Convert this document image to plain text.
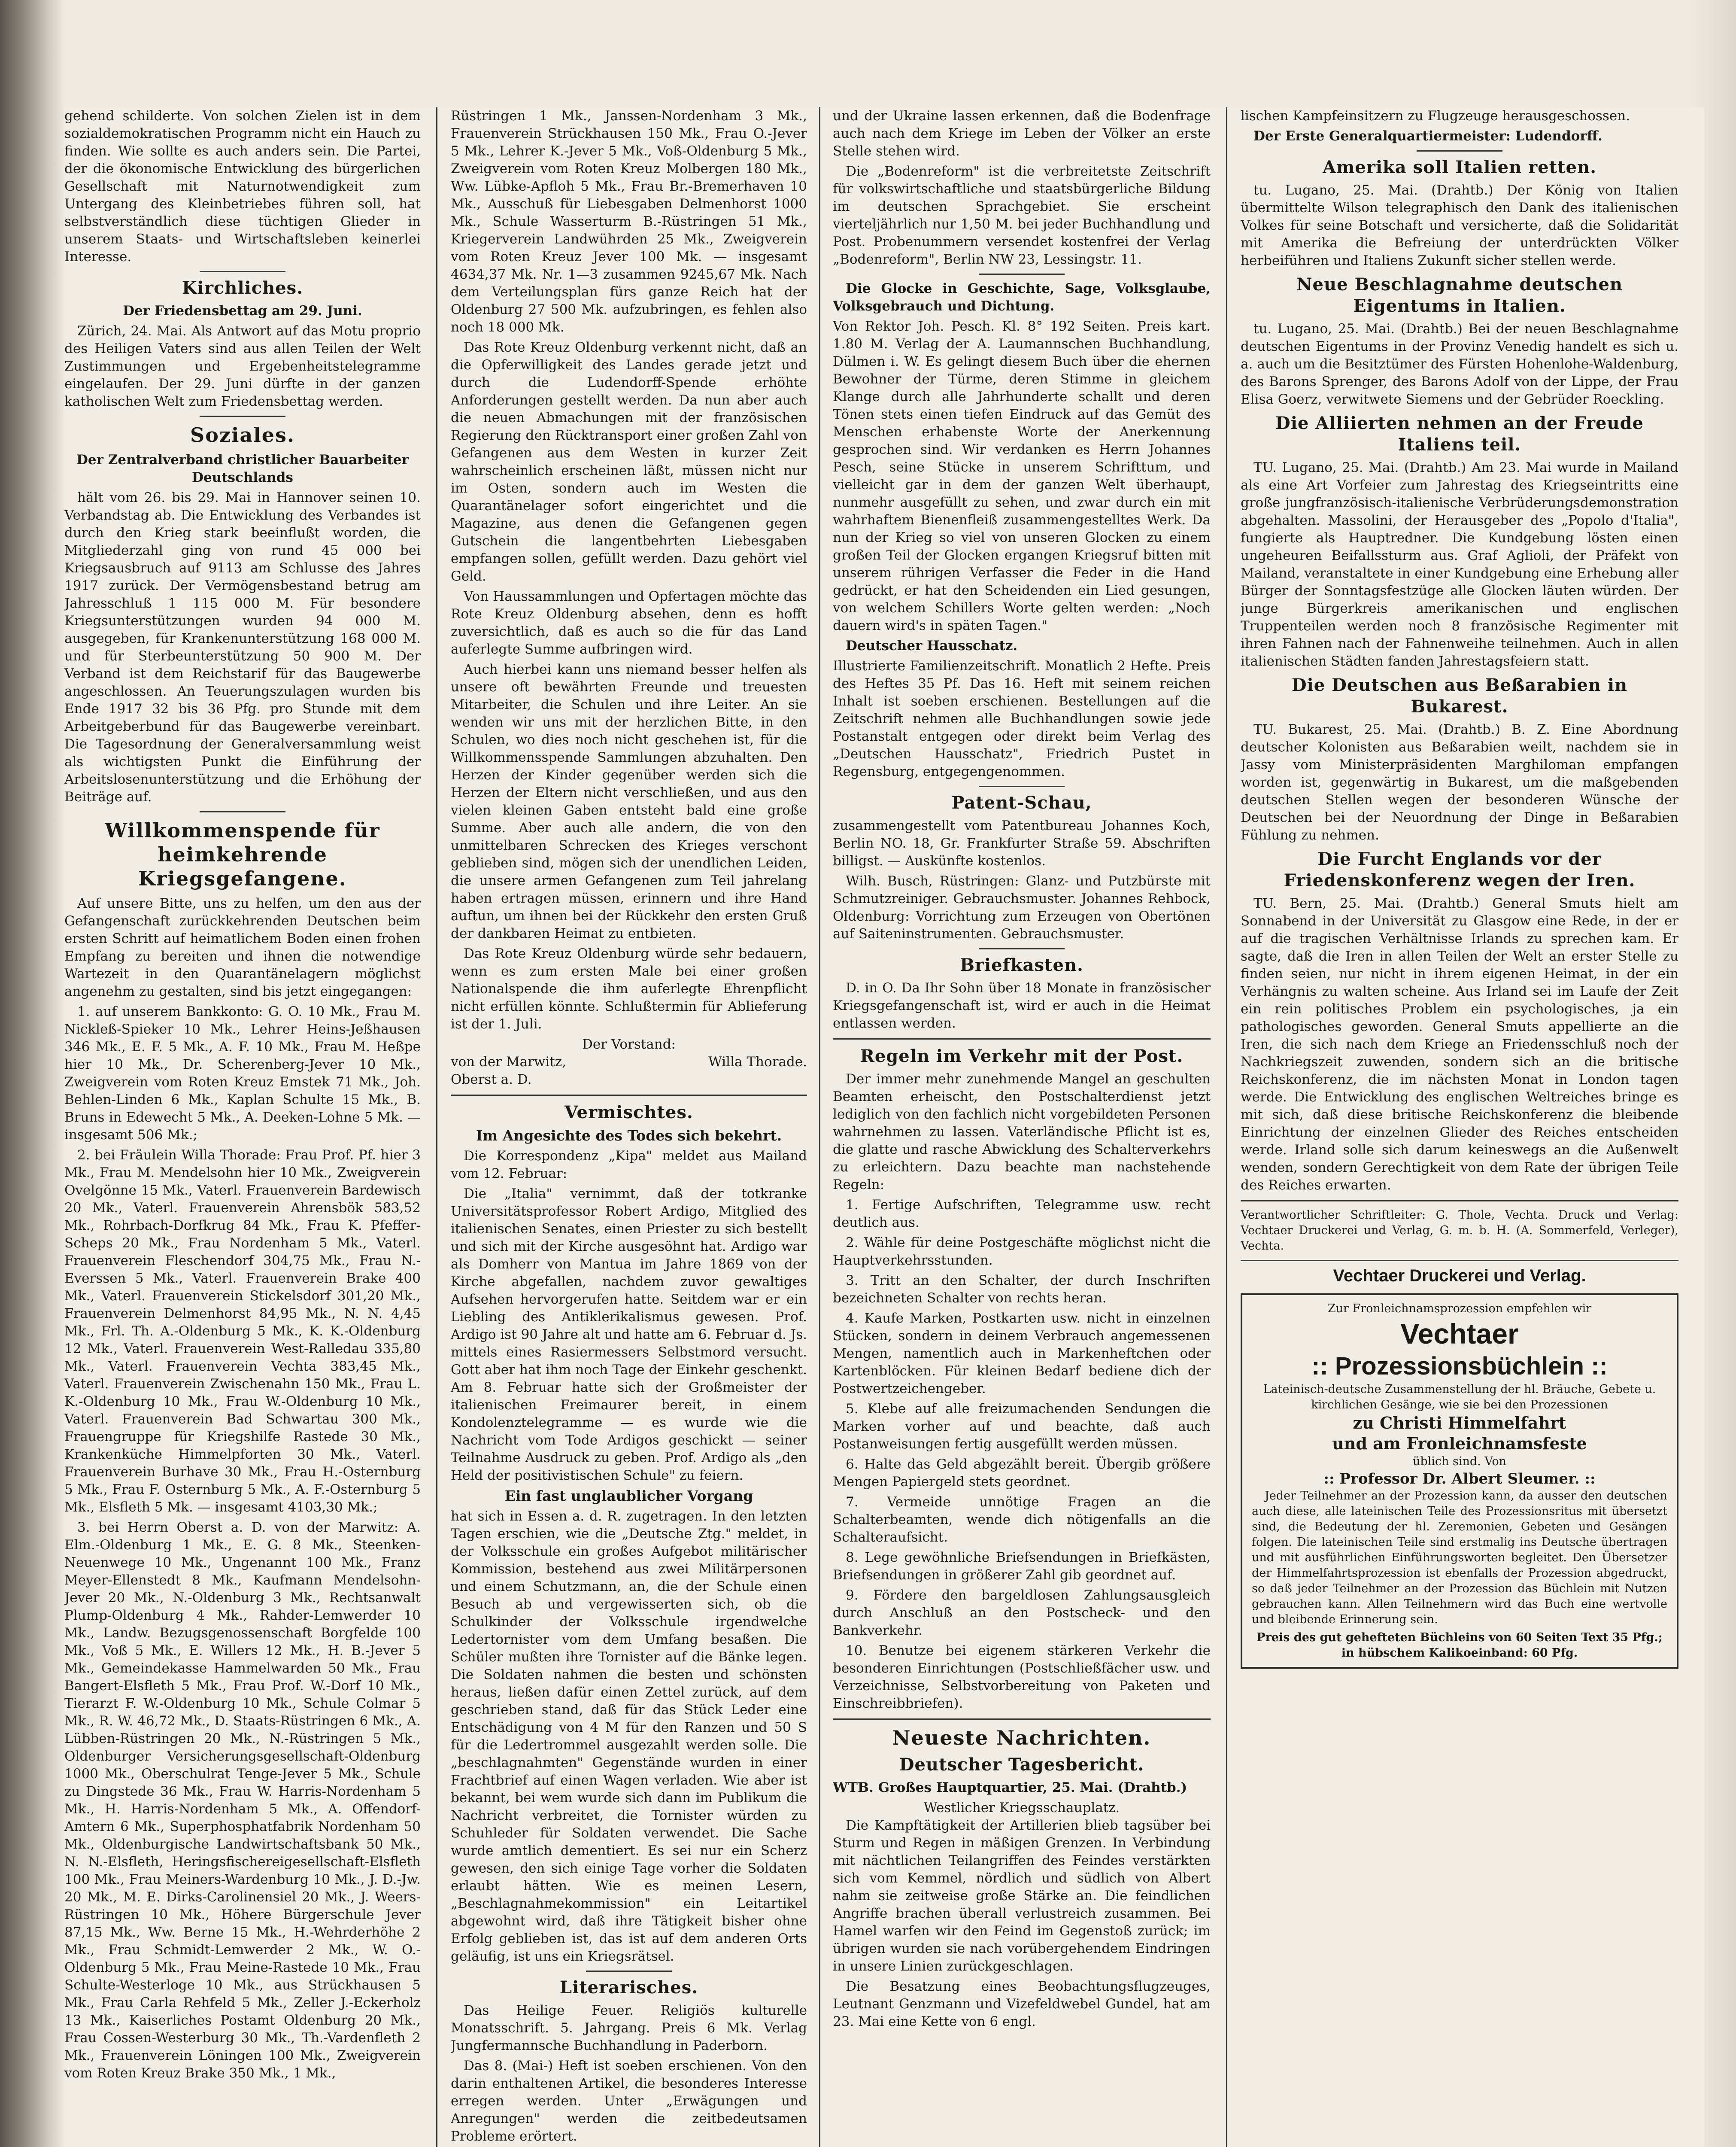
gehend schilderte. Von solchen Zielen ist in dem sozialdemokratischen Programm nicht ein Hauch zu finden. Wie sollte es auch anders sein. Die Partei, der die ökonomische Entwicklung des bürgerlichen Gesellschaft mit Naturnotwendigkeit zum Untergang des Kleinbetriebes führen soll, hat selbstverständlich diese tüchtigen Glieder in unserem Staats- und Wirtschaftsleben keinerlei Interesse.

Kirchliches.
Der Friedensbettag am 29. Juni.

Zürich, 24. Mai. Als Antwort auf das Motu proprio des Heiligen Vaters sind aus allen Teilen der Welt Zustimmungen und Ergebenheitstelegramme eingelaufen. Der 29. Juni dürfte in der ganzen katholischen Welt zum Friedensbettag werden.

Soziales.
Der Zentralverband christlicher Bauarbeiter Deutschlands

hält vom 26. bis 29. Mai in Hannover seinen 10. Verbandstag ab. Die Entwicklung des Verbandes ist durch den Krieg stark beeinflußt worden, die Mitgliederzahl ging von rund 45 000 bei Kriegsausbruch auf 9113 am Schlusse des Jahres 1917 zurück. Der Vermögensbestand betrug am Jahresschluß 1 115 000 M. Für besondere Kriegsunterstützungen wurden 94 000 M. ausgegeben, für Krankenunterstützung 168 000 M. und für Sterbeunterstützung 50 900 M. Der Verband ist dem Reichstarif für das Baugewerbe angeschlossen. An Teuerungszulagen wurden bis Ende 1917 32 bis 36 Pfg. pro Stunde mit dem Arbeitgeberbund für das Baugewerbe vereinbart. Die Tagesordnung der Generalversammlung weist als wichtigsten Punkt die Einführung der Arbeitslosenunterstützung und die Erhöhung der Beiträge auf.

Willkommenspende für heimkehrende Kriegsgefangene.

Auf unsere Bitte, uns zu helfen, um den aus der Gefangenschaft zurückkehrenden Deutschen beim ersten Schritt auf heimatlichem Boden einen frohen Empfang zu bereiten und ihnen die notwendige Wartezeit in den Quarantänelagern möglichst angenehm zu gestalten, sind bis jetzt eingegangen:

1. auf unserem Bankkonto: G. O. 10 Mk., Frau M. Nickleß-Spieker 10 Mk., Lehrer Heins-Jeßhausen 346 Mk., E. F. 5 Mk., A. F. 10 Mk., Frau M. Heßpe hier 10 Mk., Dr. Scherenberg-Jever 10 Mk., Zweigverein vom Roten Kreuz Emstek 71 Mk., Joh. Behlen-Linden 6 Mk., Kaplan Schulte 15 Mk., B. Bruns in Edewecht 5 Mk., A. Deeken-Lohne 5 Mk. — insgesamt 506 Mk.;

2. bei Fräulein Willa Thorade: Frau Prof. Pf. hier 3 Mk., Frau M. Mendelsohn hier 10 Mk., Zweigverein Ovelgönne 15 Mk., Vaterl. Frauenverein Bardewisch 20 Mk., Vaterl. Frauenverein Ahrensbök 583,52 Mk., Rohrbach-Dorfkrug 84 Mk., Frau K. Pfeffer-Scheps 20 Mk., Frau Nordenham 5 Mk., Vaterl. Frauenverein Fleschendorf 304,75 Mk., Frau N.-Everssen 5 Mk., Vaterl. Frauenverein Brake 400 Mk., Vaterl. Frauenverein Stickelsdorf 301,20 Mk., Frauenverein Delmenhorst 84,95 Mk., N. N. 4,45 Mk., Frl. Th. A.-Oldenburg 5 Mk., K. K.-Oldenburg 12 Mk., Vaterl. Frauenverein West-Ralledau 335,80 Mk., Vaterl. Frauenverein Vechta 383,45 Mk., Vaterl. Frauenverein Zwischenahn 150 Mk., Frau L. K.-Oldenburg 10 Mk., Frau W.-Oldenburg 10 Mk., Vaterl. Frauenverein Bad Schwartau 300 Mk., Frauengruppe für Kriegshilfe Rastede 30 Mk., Krankenküche Himmelpforten 30 Mk., Vaterl. Frauenverein Burhave 30 Mk., Frau H.-Osternburg 5 Mk., Frau F. Osternburg 5 Mk., A. F.-Osternburg 5 Mk., Elsfleth 5 Mk. — insgesamt 4103,30 Mk.;

3. bei Herrn Oberst a. D. von der Marwitz: A. Elm.-Oldenburg 1 Mk., E. G. 8 Mk., Steenken-Neuenwege 10 Mk., Ungenannt 100 Mk., Franz Meyer-Ellenstedt 8 Mk., Kaufmann Mendelsohn-Jever 20 Mk., N.-Oldenburg 3 Mk., Rechtsanwalt Plump-Oldenburg 4 Mk., Rahder-Lemwerder 10 Mk., Landw. Bezugsgenossenschaft Borgfelde 100 Mk., Voß 5 Mk., E. Willers 12 Mk., H. B.-Jever 5 Mk., Gemeindekasse Hammelwarden 50 Mk., Frau Bangert-Elsfleth 5 Mk., Frau Prof. W.-Dorf 10 Mk., Tierarzt F. W.-Oldenburg 10 Mk., Schule Colmar 5 Mk., R. W. 46,72 Mk., D. Staats-Rüstringen 6 Mk., A. Lübben-Rüstringen 20 Mk., N.-Rüstringen 5 Mk., Oldenburger Versicherungsgesellschaft-Oldenburg 1000 Mk., Oberschulrat Tenge-Jever 5 Mk., Schule zu Dingstede 36 Mk., Frau W. Harris-Nordenham 5 Mk., H. Harris-Nordenham 5 Mk., A. Offendorf-Amtern 6 Mk., Superphosphatfabrik Nordenham 50 Mk., Oldenburgische Landwirtschaftsbank 50 Mk., N. N.-Elsfleth, Heringsfischereigesellschaft-Elsfleth 100 Mk., Frau Meiners-Wardenburg 10 Mk., J. D.-Jw. 20 Mk., M. E. Dirks-Carolinensiel 20 Mk., J. Weers-Rüstringen 10 Mk., Höhere Bürgerschule Jever 87,15 Mk., Ww. Berne 15 Mk., H.-Wehrderhöhe 2 Mk., Frau Schmidt-Lemwerder 2 Mk., W. O.-Oldenburg 5 Mk., Frau Meine-Rastede 10 Mk., Frau Schulte-Westerloge 10 Mk., aus Strückhausen 5 Mk., Frau Carla Rehfeld 5 Mk., Zeller J.-Eckerholz 13 Mk., Kaiserliches Postamt Oldenburg 20 Mk., Frau Cossen-Westerburg 30 Mk., Th.-Vardenfleth 2 Mk., Frauenverein Löningen 100 Mk., Zweigverein vom Roten Kreuz Brake 350 Mk., 1 Mk.,

Rüstringen 1 Mk., Janssen-Nordenham 3 Mk., Frauenverein Strückhausen 150 Mk., Frau O.-Jever 5 Mk., Lehrer K.-Jever 5 Mk., Voß-Oldenburg 5 Mk., Zweigverein vom Roten Kreuz Molbergen 180 Mk., Ww. Lübke-Apfloh 5 Mk., Frau Br.-Bremerhaven 10 Mk., Ausschuß für Liebesgaben Delmenhorst 1000 Mk., Schule Wasserturm B.-Rüstringen 51 Mk., Kriegerverein Landwührden 25 Mk., Zweigverein vom Roten Kreuz Jever 100 Mk. — insgesamt 4634,37 Mk. Nr. 1—3 zusammen 9245,67 Mk. Nach dem Verteilungsplan fürs ganze Reich hat der Oldenburg 27 500 Mk. aufzubringen, es fehlen also noch 18 000 Mk.

Das Rote Kreuz Oldenburg verkennt nicht, daß an die Opferwilligkeit des Landes gerade jetzt und durch die Ludendorff-Spende erhöhte Anforderungen gestellt werden. Da nun aber auch die neuen Abmachungen mit der französischen Regierung den Rücktransport einer großen Zahl von Gefangenen aus dem Westen in kurzer Zeit wahrscheinlich erscheinen läßt, müssen nicht nur im Osten, sondern auch im Westen die Quarantänelager sofort eingerichtet und die Magazine, aus denen die Gefangenen gegen Gutschein die langentbehrten Liebesgaben empfangen sollen, gefüllt werden. Dazu gehört viel Geld.

Von Haussammlungen und Opfertagen möchte das Rote Kreuz Oldenburg absehen, denn es hofft zuversichtlich, daß es auch so die für das Land auferlegte Summe aufbringen wird.

Auch hierbei kann uns niemand besser helfen als unsere oft bewährten Freunde und treuesten Mitarbeiter, die Schulen und ihre Leiter. An sie wenden wir uns mit der herzlichen Bitte, in den Schulen, wo dies noch nicht geschehen ist, für die Willkommensspende Sammlungen abzuhalten. Den Herzen der Kinder gegenüber werden sich die Herzen der Eltern nicht verschließen, und aus den vielen kleinen Gaben entsteht bald eine große Summe. Aber auch alle andern, die von den unmittelbaren Schrecken des Krieges verschont geblieben sind, mögen sich der unendlichen Leiden, die unsere armen Gefangenen zum Teil jahrelang haben ertragen müssen, erinnern und ihre Hand auftun, um ihnen bei der Rückkehr den ersten Gruß der dankbaren Heimat zu entbieten.

Das Rote Kreuz Oldenburg würde sehr bedauern, wenn es zum ersten Male bei einer großen Nationalspende die ihm auferlegte Ehrenpflicht nicht erfüllen könnte. Schlußtermin für Ablieferung ist der 1. Juli.

Der Vorstand:
von der Marwitz,	Willa Thorade.
Oberst a. D.
Vermischtes.
Im Angesichte des Todes sich bekehrt.

Die Korrespondenz „Kipa" meldet aus Mailand vom 12. Februar:

Die „Italia" vernimmt, daß der totkranke Universitätsprofessor Robert Ardigo, Mitglied des italienischen Senates, einen Priester zu sich bestellt und sich mit der Kirche ausgesöhnt hat. Ardigo war als Domherr von Mantua im Jahre 1869 von der Kirche abgefallen, nachdem zuvor gewaltiges Aufsehen hervorgerufen hatte. Seitdem war er ein Liebling des Antiklerikalismus gewesen. Prof. Ardigo ist 90 Jahre alt und hatte am 6. Februar d. Js. mittels eines Rasiermessers Selbstmord versucht. Gott aber hat ihm noch Tage der Einkehr geschenkt. Am 8. Februar hatte sich der Großmeister der italienischen Freimaurer bereit, in einem Kondolenztelegramme — es wurde wie die Nachricht vom Tode Ardigos geschickt — seiner Teilnahme Ausdruck zu geben. Prof. Ardigo als „den Held der positivistischen Schule" zu feiern.

Ein fast unglaublicher Vorgang

hat sich in Essen a. d. R. zugetragen. In den letzten Tagen erschien, wie die „Deutsche Ztg." meldet, in der Volksschule ein großes Aufgebot militärischer Kommission, bestehend aus zwei Militärpersonen und einem Schutzmann, an, die der Schule einen Besuch ab und vergewisserten sich, ob die Schulkinder der Volksschule irgendwelche Ledertornister vom dem Umfang besaßen. Die Schüler mußten ihre Tornister auf die Bänke legen. Die Soldaten nahmen die besten und schönsten heraus, ließen dafür einen Zettel zurück, auf dem geschrieben stand, daß für das Stück Leder eine Entschädigung von 4 M für den Ranzen und 50 S für die Ledertrommel ausgezahlt werden solle. Die „beschlagnahmten" Gegenstände wurden in einer Frachtbrief auf einen Wagen verladen. Wie aber ist bekannt, bei wem wurde sich dann im Publikum die Nachricht verbreitet, die Tornister würden zu Schuhleder für Soldaten verwendet. Die Sache wurde amtlich dementiert. Es sei nur ein Scherz gewesen, den sich einige Tage vorher die Soldaten erlaubt hätten. Wie es meinen Lesern, „Beschlagnahmekommission" ein Leitartikel abgewohnt wird, daß ihre Tätigkeit bisher ohne Erfolg geblieben ist, das ist auf dem anderen Orts geläufig, ist uns ein Kriegsrätsel.

Literarisches.

Das Heilige Feuer. Religiös kulturelle Monatsschrift. 5. Jahrgang. Preis 6 Mk. Verlag Jungfermannsche Buchhandlung in Paderborn.

Das 8. (Mai-) Heft ist soeben erschienen. Von den darin enthaltenen Artikel, die besonderes Interesse erregen werden. Unter „Erwägungen und Anregungen" werden die zeitbedeutsamen Probleme erörtert.

und der Ukraine lassen erkennen, daß die Bodenfrage auch nach dem Kriege im Leben der Völker an erste Stelle stehen wird.

Die „Bodenreform" ist die verbreitetste Zeitschrift für volkswirtschaftliche und staatsbürgerliche Bildung im deutschen Sprachgebiet. Sie erscheint vierteljährlich nur 1,50 M. bei jeder Buchhandlung und Post. Probenummern versendet kostenfrei der Verlag „Bodenreform", Berlin NW 23, Lessingstr. 11.

Die Glocke in Geschichte, Sage, Volksglaube, Volksgebrauch und Dichtung.

Von Rektor Joh. Pesch. Kl. 8° 192 Seiten. Preis kart. 1.80 M. Verlag der A. Laumannschen Buchhandlung, Dülmen i. W. Es gelingt diesem Buch über die ehernen Bewohner der Türme, deren Stimme in gleichem Klange durch alle Jahrhunderte schallt und deren Tönen stets einen tiefen Eindruck auf das Gemüt des Menschen erhabenste Worte der Anerkennung gesprochen sind. Wir verdanken es Herrn Johannes Pesch, seine Stücke in unserem Schrifttum, und vielleicht gar in dem der ganzen Welt überhaupt, nunmehr ausgefüllt zu sehen, und zwar durch ein mit wahrhaftem Bienenfleiß zusammengestelltes Werk. Da nun der Krieg so viel von unseren Glocken zu einem großen Teil der Glocken ergangen Kriegsruf bitten mit unserem rührigen Verfasser die Feder in die Hand gedrückt, er hat den Scheidenden ein Lied gesungen, von welchem Schillers Worte gelten werden: „Noch dauern wird's in späten Tagen."

Deutscher Hausschatz.

Illustrierte Familienzeitschrift. Monatlich 2 Hefte. Preis des Heftes 35 Pf. Das 16. Heft mit seinem reichen Inhalt ist soeben erschienen. Bestellungen auf die Zeitschrift nehmen alle Buchhandlungen sowie jede Postanstalt entgegen oder direkt beim Verlag des „Deutschen Hausschatz", Friedrich Pustet in Regensburg, entgegengenommen.

Patent-Schau,

zusammengestellt vom Patentbureau Johannes Koch, Berlin NO. 18, Gr. Frankfurter Straße 59. Abschriften billigst. — Auskünfte kostenlos.

Wilh. Busch, Rüstringen: Glanz- und Putzbürste mit Schmutzreiniger. Gebrauchsmuster. Johannes Rehbock, Oldenburg: Vorrichtung zum Erzeugen von Obertönen auf Saiteninstrumenten. Gebrauchsmuster.

Briefkasten.

D. in O. Da Ihr Sohn über 18 Monate in französischer Kriegsgefangenschaft ist, wird er auch in die Heimat entlassen werden.

Regeln im Verkehr mit der Post.

Der immer mehr zunehmende Mangel an geschulten Beamten erheischt, den Postschalterdienst jetzt lediglich von den fachlich nicht vorgebildeten Personen wahrnehmen zu lassen. Vaterländische Pflicht ist es, die glatte und rasche Abwicklung des Schalterverkehrs zu erleichtern. Dazu beachte man nachstehende Regeln:

1. Fertige Aufschriften, Telegramme usw. recht deutlich aus.

2. Wähle für deine Postgeschäfte möglichst nicht die Hauptverkehrsstunden.

3. Tritt an den Schalter, der durch Inschriften bezeichneten Schalter von rechts heran.

4. Kaufe Marken, Postkarten usw. nicht in einzelnen Stücken, sondern in deinem Verbrauch angemessenen Mengen, namentlich auch in Markenheftchen oder Kartenblöcken. Für kleinen Bedarf bediene dich der Postwertzeichengeber.

5. Klebe auf alle freizumachenden Sendungen die Marken vorher auf und beachte, daß auch Postanweisungen fertig ausgefüllt werden müssen.

6. Halte das Geld abgezählt bereit. Übergib größere Mengen Papiergeld stets geordnet.

7. Vermeide unnötige Fragen an die Schalterbeamten, wende dich nötigenfalls an die Schalteraufsicht.

8. Lege gewöhnliche Briefsendungen in Briefkästen, Briefsendungen in größerer Zahl gib geordnet auf.

9. Fördere den bargeldlosen Zahlungsausgleich durch Anschluß an den Postscheck- und den Bankverkehr.

10. Benutze bei eigenem stärkeren Verkehr die besonderen Einrichtungen (Postschließfächer usw. und Verzeichnisse, Selbstvorbereitung von Paketen und Einschreibbriefen).

Neueste Nachrichten.
Deutscher Tagesbericht.

WTB. Großes Hauptquartier, 25. Mai. (Drahtb.)

Westlicher Kriegsschauplatz.

Die Kampftätigkeit der Artillerien blieb tagsüber bei Sturm und Regen in mäßigen Grenzen. In Verbindung mit nächtlichen Teilangriffen des Feindes verstärkten sich vom Kemmel, nördlich und südlich von Albert nahm sie zeitweise große Stärke an. Die feindlichen Angriffe brachen überall verlustreich zusammen. Bei Hamel warfen wir den Feind im Gegenstoß zurück; im übrigen wurden sie nach vorübergehendem Eindringen in unsere Linien zurückgeschlagen.

Die Besatzung eines Beobachtungsflugzeuges, Leutnant Genzmann und Vizefeldwebel Gundel, hat am 23. Mai eine Kette von 6 engl.

lischen Kampfeinsitzern zu Flugzeuge herausgeschossen.

Der Erste Generalquartiermeister: Ludendorff.

Amerika soll Italien retten.

tu. Lugano, 25. Mai. (Drahtb.) Der König von Italien übermittelte Wilson telegraphisch den Dank des italienischen Volkes für seine Botschaft und versicherte, daß die Solidarität mit Amerika die Befreiung der unterdrückten Völker herbeiführen und Italiens Zukunft sicher stellen werde.

Neue Beschlagnahme deutschen Eigentums in Italien.

tu. Lugano, 25. Mai. (Drahtb.) Bei der neuen Beschlagnahme deutschen Eigentums in der Provinz Venedig handelt es sich u. a. auch um die Besitztümer des Fürsten Hohenlohe-Waldenburg, des Barons Sprenger, des Barons Adolf von der Lippe, der Frau Elisa Goerz, verwitwete Siemens und der Gebrüder Roeckling.

Die Alliierten nehmen an der Freude Italiens teil.

TU. Lugano, 25. Mai. (Drahtb.) Am 23. Mai wurde in Mailand als eine Art Vorfeier zum Jahrestag des Kriegseintritts eine große jungfranzösisch-italienische Verbrüderungsdemonstration abgehalten. Massolini, der Herausgeber des „Popolo d'Italia", fungierte als Hauptredner. Die Kundgebung lösten einen ungeheuren Beifallssturm aus. Graf Aglioli, der Präfekt von Mailand, veranstaltete in einer Kundgebung eine Erhebung aller Bürger der Sonntagsfestzüge alle Glocken läuten würden. Der junge Bürgerkreis amerikanischen und englischen Truppenteilen werden noch 8 französische Regimenter mit ihren Fahnen nach der Fahnenweihe teilnehmen. Auch in allen italienischen Städten fanden Jahrestagsfeiern statt.

Die Deutschen aus Beßarabien in Bukarest.

TU. Bukarest, 25. Mai. (Drahtb.) B. Z. Eine Abordnung deutscher Kolonisten aus Beßarabien weilt, nachdem sie in Jassy vom Ministerpräsidenten Marghiloman empfangen worden ist, gegenwärtig in Bukarest, um die maßgebenden deutschen Stellen wegen der besonderen Wünsche der Deutschen bei der Neuordnung der Dinge in Beßarabien Fühlung zu nehmen.

Die Furcht Englands vor der Friedenskonferenz wegen der Iren.

TU. Bern, 25. Mai. (Drahtb.) General Smuts hielt am Sonnabend in der Universität zu Glasgow eine Rede, in der er auf die tragischen Verhältnisse Irlands zu sprechen kam. Er sagte, daß die Iren in allen Teilen der Welt an erster Stelle zu finden seien, nur nicht in ihrem eigenen Heimat, in der ein Verhängnis zu walten scheine. Aus Irland sei im Laufe der Zeit ein rein politisches Problem ein psychologisches, ja ein pathologisches geworden. General Smuts appellierte an die Iren, die sich nach dem Kriege an Friedensschluß noch der Nachkriegszeit zuwenden, sondern sich an die britische Reichskonferenz, die im nächsten Monat in London tagen werde. Die Entwicklung des englischen Weltreiches bringe es mit sich, daß diese britische Reichskonferenz die bleibende Einrichtung der einzelnen Glieder des Reiches entscheiden werde. Irland solle sich darum keineswegs an die Außenwelt wenden, sondern Gerechtigkeit von dem Rate der übrigen Teile des Reiches erwarten.

Verantwortlicher Schriftleiter: G. Thole, Vechta. Druck und Verlag: Vechtaer Druckerei und Verlag, G. m. b. H. (A. Sommerfeld, Verleger), Vechta.

Vechtaer Druckerei und Verlag.
Zur Fronleichnamsprozession empfehlen wir
Vechtaer
:: Prozessionsbüchlein ::
Lateinisch-deutsche Zusammenstellung der hl. Bräuche, Gebete u. kirchlichen Gesänge, wie sie bei den Prozessionen
zu Christi Himmelfahrt
und am Fronleichnamsfeste
üblich sind. Von
:: Professor Dr. Albert Sleumer. ::

Jeder Teilnehmer an der Prozession kann, da ausser den deutschen auch diese, alle lateinischen Teile des Prozessionsritus mit übersetzt sind, die Bedeutung der hl. Zeremonien, Gebeten und Gesängen folgen. Die lateinischen Teile sind erstmalig ins Deutsche übertragen und mit ausführlichen Einführungsworten begleitet. Den Übersetzer der Himmelfahrtsprozession ist ebenfalls der Prozession abgedruckt, so daß jeder Teilnehmer an der Prozession das Büchlein mit Nutzen gebrauchen kann. Allen Teilnehmern wird das Buch eine wertvolle und bleibende Erinnerung sein.

Preis des gut gehefteten Büchleins von 60 Seiten Text 35 Pfg.; in hübschem Kalikoeinband: 60 Pfg.
